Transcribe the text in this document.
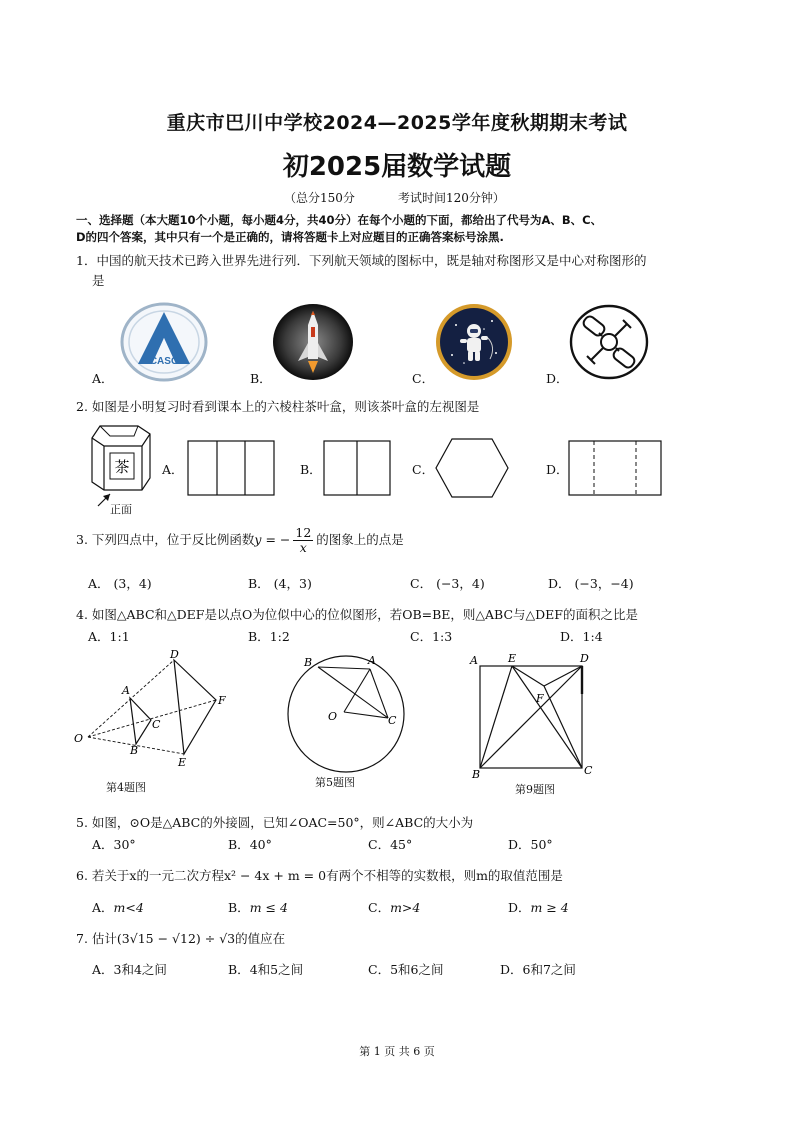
重庆市巴川中学校2024—2025学年度秋期期末考试
初2025届数学试题
（总分150分	考试时间120分钟）
一、选择题（本大题10个小题，每小题4分，共40分）在每个小题的下面，都给出了代号为A、B、C、
D的四个答案，其中只有一个是正确的，请将答题卡上对应题目的正确答案标号涂黑.
1．中国的航天技术已跨入世界先进行列．下列航天领域的图标中，既是轴对称图形又是中心对称图形的
是
CASC
A．	B．	C．	D．
2. 如图是小明复习时看到课本上的六棱柱茶叶盒，则该茶叶盒的左视图是
茶
正面
A．	B．	C．	D．
3. 下列四点中，位于反比例函数y = − $\frac{12}{x}$ 的图象上的点是
A． (3，4)	B． (4，3)	C． (−3，4)	D． (−3，−4)
4. 如图△ABC和△DEF是以点O为位似中心的位似图形，若OB=BE，则△ABC与△DEF的面积之比是
A．1:1	B．1:2	C．1:3	D．1:4
O
A
C
B
D
F
E
第4题图
B	A
O	C
第5题图
A	E	D
F
B	C
第9题图
5. 如图，⊙O是△ABC的外接圆，已知∠OAC=50°，则∠ABC的大小为
A．30°	B．40°	C．45°	D．50°
6. 若关于x的一元二次方程x² − 4x + m = 0有两个不相等的实数根，则m的取值范围是
A．m<4	B．m ≤ 4	C．m>4	D．m ≥ 4
7. 估计(3√15 − √12) ÷ √3的值应在
A．3和4之间	B．4和5之间	C．5和6之间	D．6和7之间
第 1 页 共 6 页
